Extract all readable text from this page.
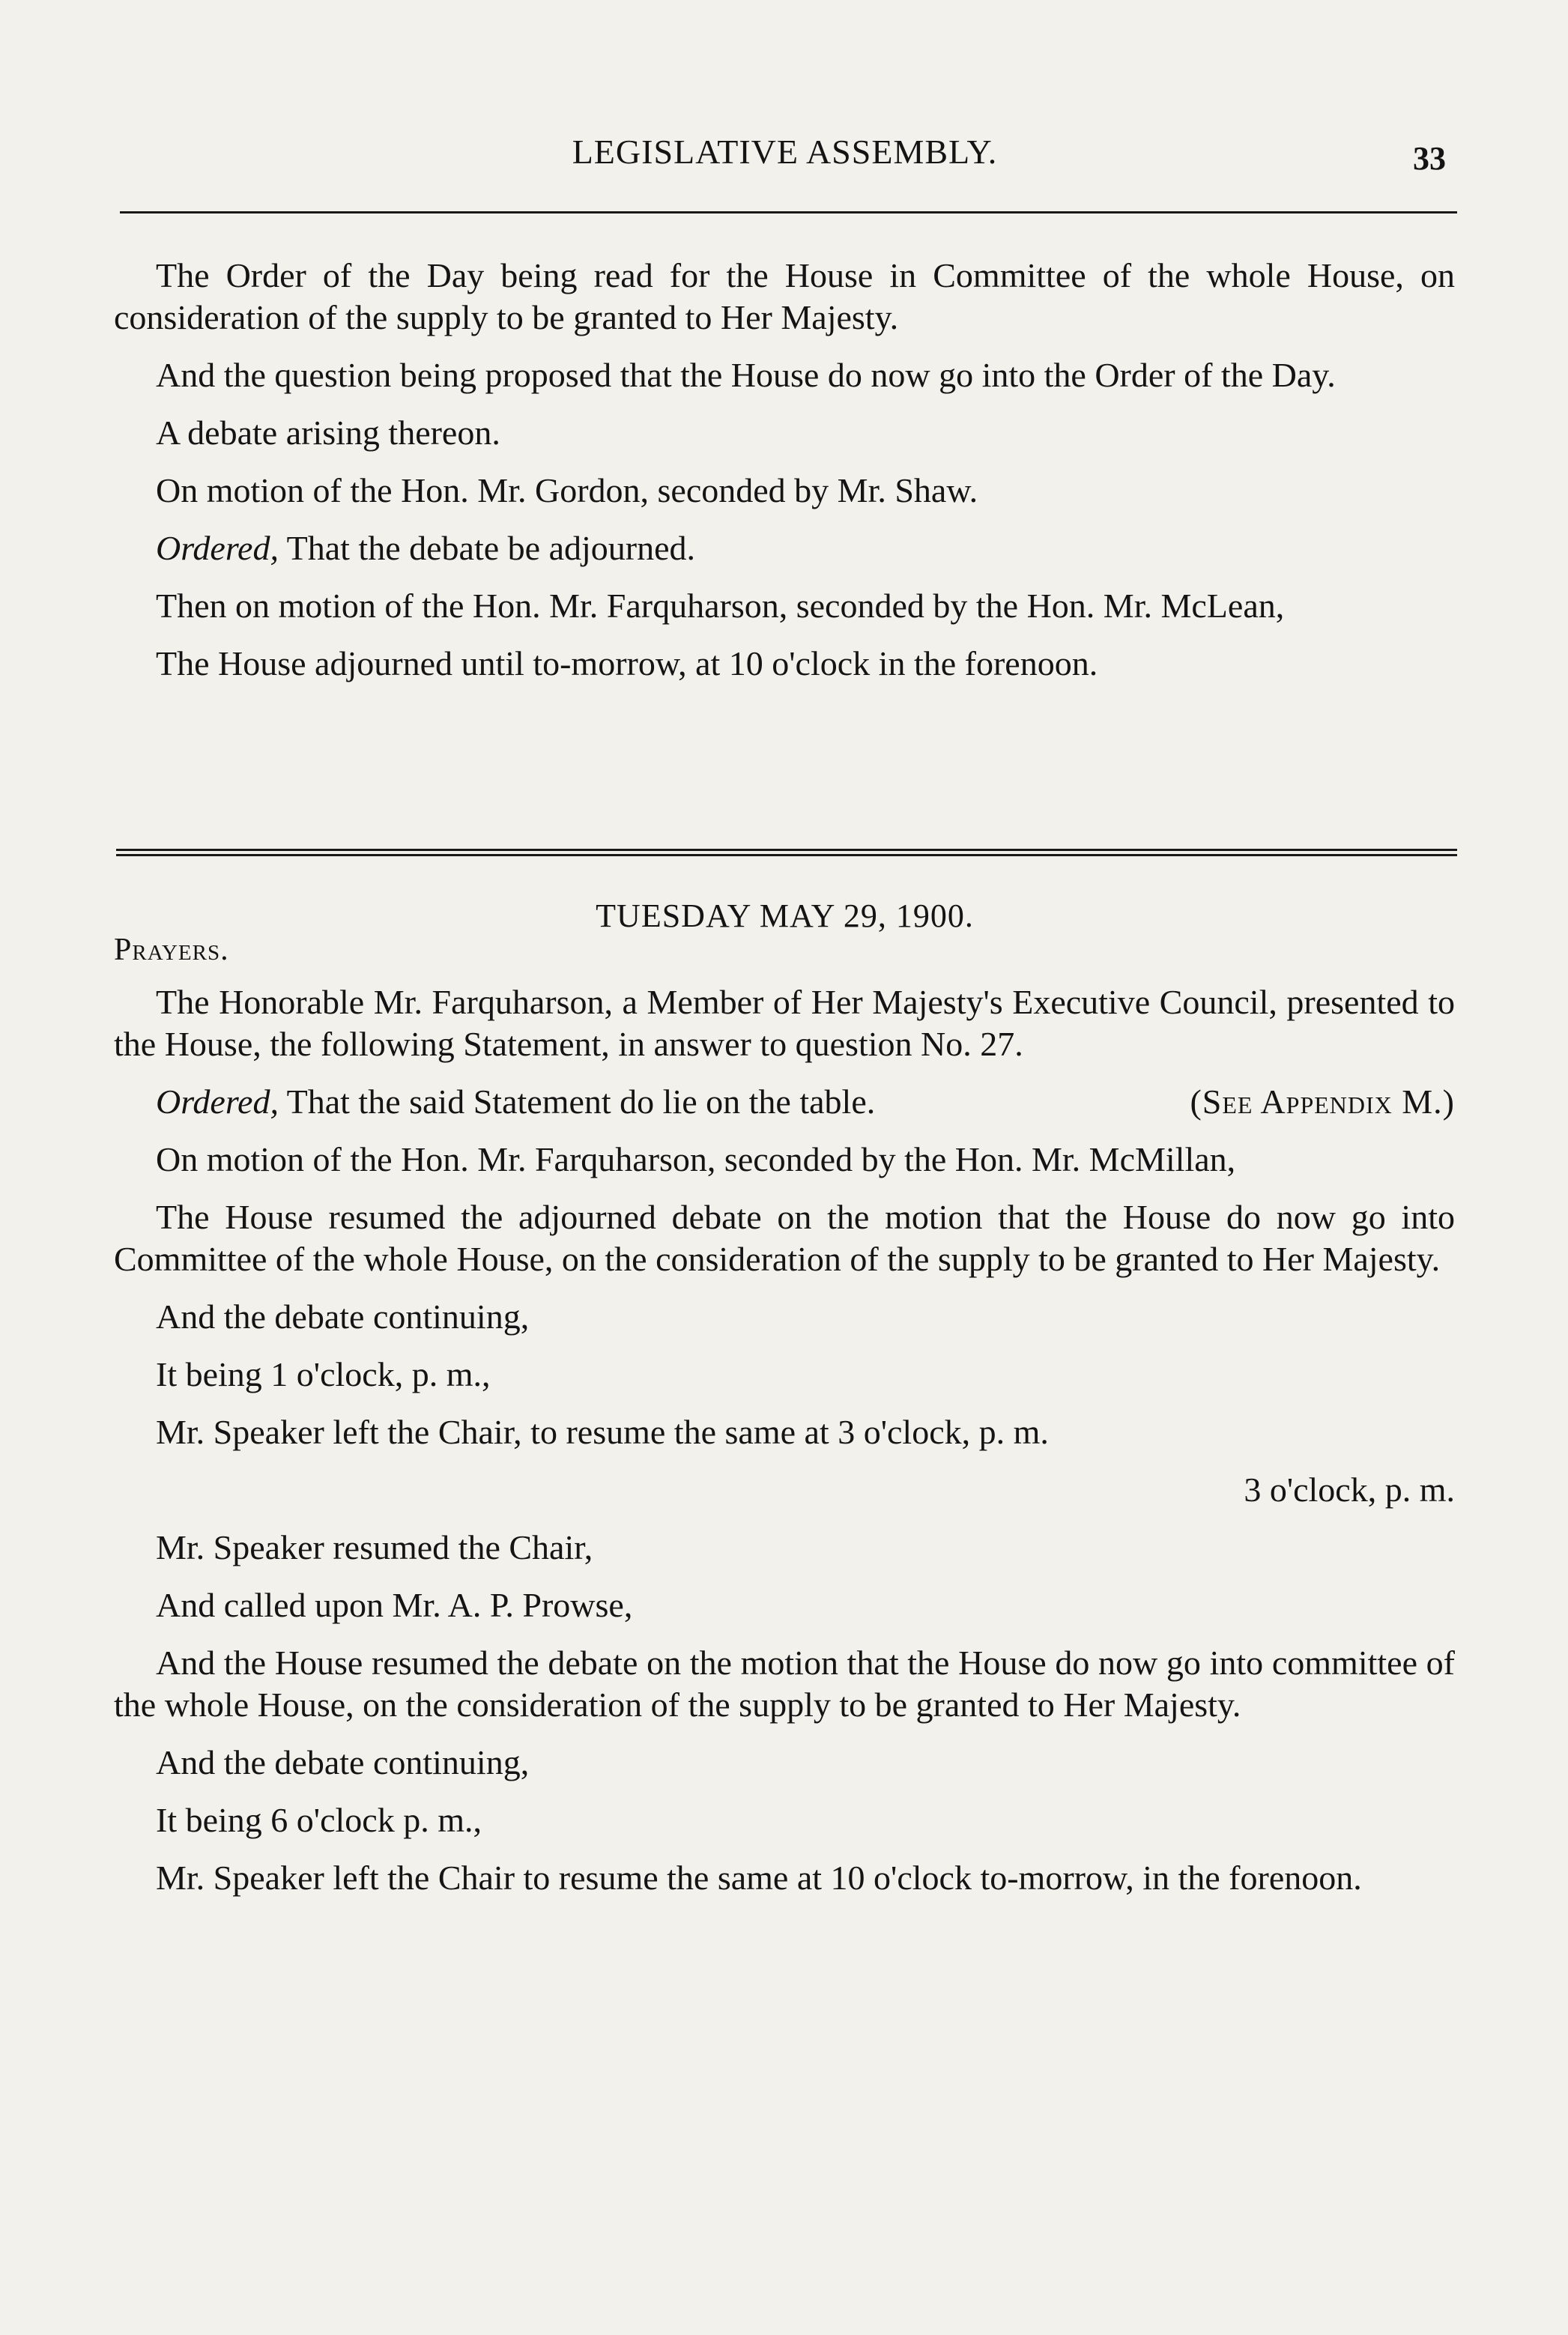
LEGISLATIVE ASSEMBLY.	33

The Order of the Day being read for the House in Committee of the whole House, on consideration of the supply to be granted to Her Majesty.

And the question being proposed that the House do now go into the Order of the Day.

A debate arising thereon.

On motion of the Hon. Mr. Gordon, seconded by Mr. Shaw.

Ordered, That the debate be adjourned.

Then on motion of the Hon. Mr. Farquharson, seconded by the Hon. Mr. McLean,

The House adjourned until to-morrow, at 10 o'clock in the forenoon.

TUESDAY MAY 29, 1900.

Prayers.

The Honorable Mr. Farquharson, a Member of Her Majesty's Executive Council, presented to the House, the following Statement, in answer to question No. 27.

Ordered, That the said Statement do lie on the table.	(See Appendix M.)

On motion of the Hon. Mr. Farquharson, seconded by the Hon. Mr. McMillan,

The House resumed the adjourned debate on the motion that the House do now go into Committee of the whole House, on the consideration of the supply to be granted to Her Majesty.

And the debate continuing,

It being 1 o'clock, p. m.,

Mr. Speaker left the Chair, to resume the same at 3 o'clock, p. m.

3 o'clock, p. m.

Mr. Speaker resumed the Chair,

And called upon Mr. A. P. Prowse,

And the House resumed the debate on the motion that the House do now go into committee of the whole House, on the consideration of the supply to be granted to Her Majesty.

And the debate continuing,

It being 6 o'clock p. m.,

Mr. Speaker left the Chair to resume the same at 10 o'clock to-morrow, in the forenoon.
